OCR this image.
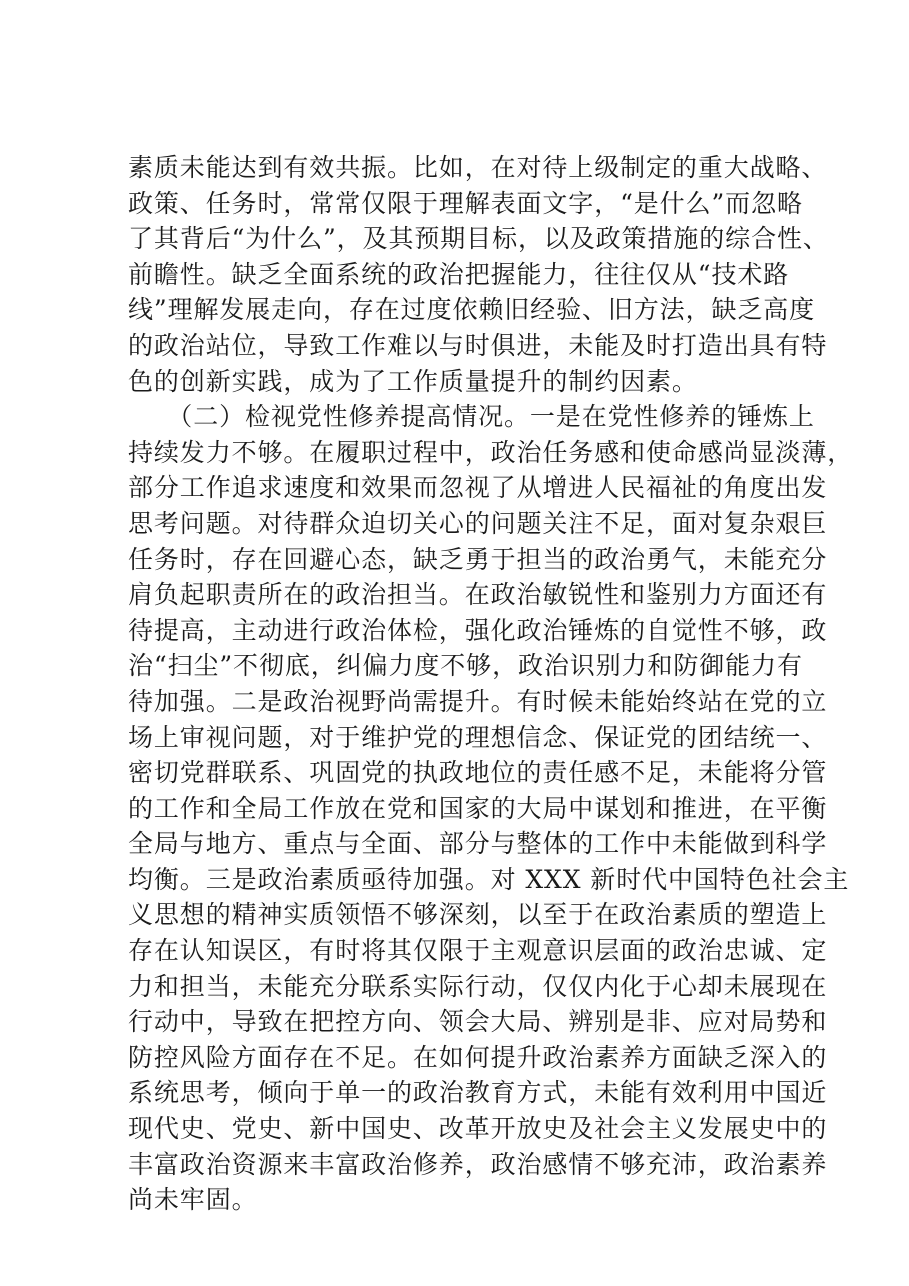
素质未能达到有效共振。比如，在对待上级制定的重大战略、
政策、任务时，常常仅限于理解表面文字，“是什么”而忽略
了其背后“为什么”，及其预期目标，以及政策措施的综合性、
前瞻性。缺乏全面系统的政治把握能力，往往仅从“技术路
线”理解发展走向，存在过度依赖旧经验、旧方法，缺乏高度
的政治站位，导致工作难以与时俱进，未能及时打造出具有特
色的创新实践，成为了工作质量提升的制约因素。
　　（二）检视党性修养提高情况。一是在党性修养的锤炼上
持续发力不够。在履职过程中，政治任务感和使命感尚显淡薄，
部分工作追求速度和效果而忽视了从增进人民福祉的角度出发
思考问题。对待群众迫切关心的问题关注不足，面对复杂艰巨
任务时，存在回避心态，缺乏勇于担当的政治勇气，未能充分
肩负起职责所在的政治担当。在政治敏锐性和鉴别力方面还有
待提高，主动进行政治体检，强化政治锤炼的自觉性不够，政
治“扫尘”不彻底，纠偏力度不够，政治识别力和防御能力有
待加强。二是政治视野尚需提升。有时候未能始终站在党的立
场上审视问题，对于维护党的理想信念、保证党的团结统一、
密切党群联系、巩固党的执政地位的责任感不足，未能将分管
的工作和全局工作放在党和国家的大局中谋划和推进，在平衡
全局与地方、重点与全面、部分与整体的工作中未能做到科学
均衡。三是政治素质亟待加强。对 XXX 新时代中国特色社会主
义思想的精神实质领悟不够深刻，以至于在政治素质的塑造上
存在认知误区，有时将其仅限于主观意识层面的政治忠诚、定
力和担当，未能充分联系实际行动，仅仅内化于心却未展现在
行动中，导致在把控方向、领会大局、辨别是非、应对局势和
防控风险方面存在不足。在如何提升政治素养方面缺乏深入的
系统思考，倾向于单一的政治教育方式，未能有效利用中国近
现代史、党史、新中国史、改革开放史及社会主义发展史中的
丰富政治资源来丰富政治修养，政治感情不够充沛，政治素养
尚未牢固。
